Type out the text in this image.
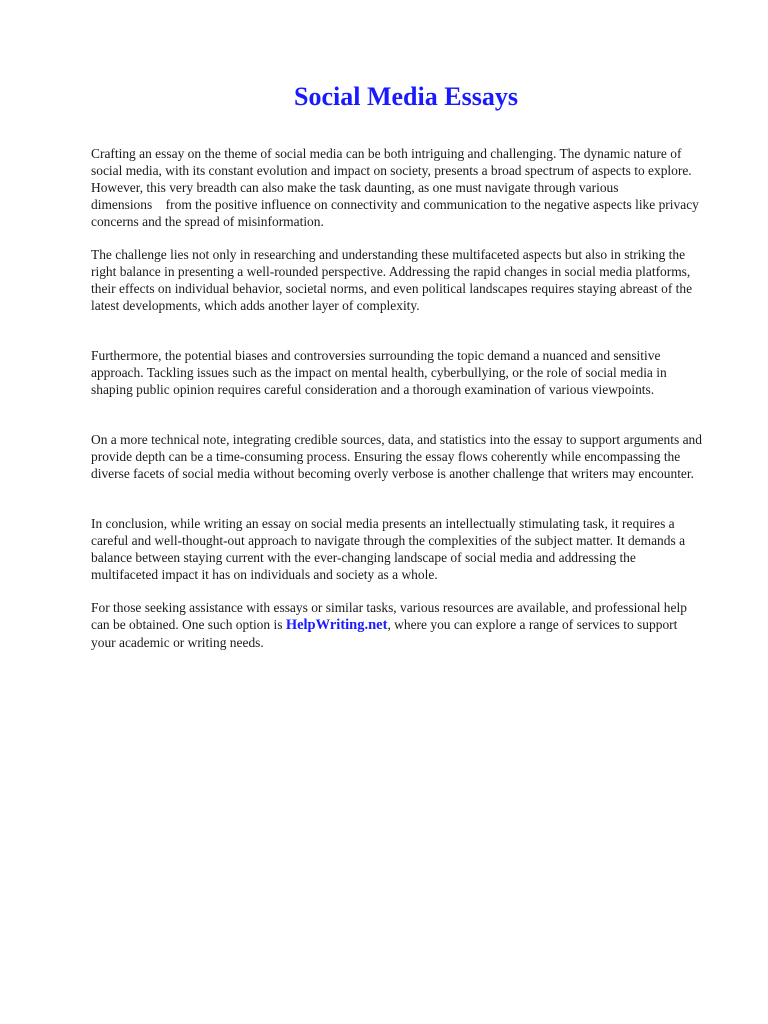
Social Media Essays

Crafting an essay on the theme of social media can be both intriguing and challenging. The dynamic nature of social media, with its constant evolution and impact on society, presents a broad spectrum of aspects to explore. However, this very breadth can also make the task daunting, as one must navigate through various dimensions    from the positive influence on connectivity and communication to the negative aspects like privacy concerns and the spread of misinformation.

The challenge lies not only in researching and understanding these multifaceted aspects but also in striking the right balance in presenting a well-rounded perspective. Addressing the rapid changes in social media platforms, their effects on individual behavior, societal norms, and even political landscapes requires staying abreast of the latest developments, which adds another layer of complexity.

Furthermore, the potential biases and controversies surrounding the topic demand a nuanced and sensitive approach. Tackling issues such as the impact on mental health, cyberbullying, or the role of social media in shaping public opinion requires careful consideration and a thorough examination of various viewpoints.

On a more technical note, integrating credible sources, data, and statistics into the essay to support arguments and provide depth can be a time-consuming process. Ensuring the essay flows coherently while encompassing the diverse facets of social media without becoming overly verbose is another challenge that writers may encounter.

In conclusion, while writing an essay on social media presents an intellectually stimulating task, it requires a careful and well-thought-out approach to navigate through the complexities of the subject matter. It demands a balance between staying current with the ever-changing landscape of social media and addressing the multifaceted impact it has on individuals and society as a whole.

For those seeking assistance with essays or similar tasks, various resources are available, and professional help can be obtained. One such option is HelpWriting.net, where you can explore a range of services to support your academic or writing needs.
